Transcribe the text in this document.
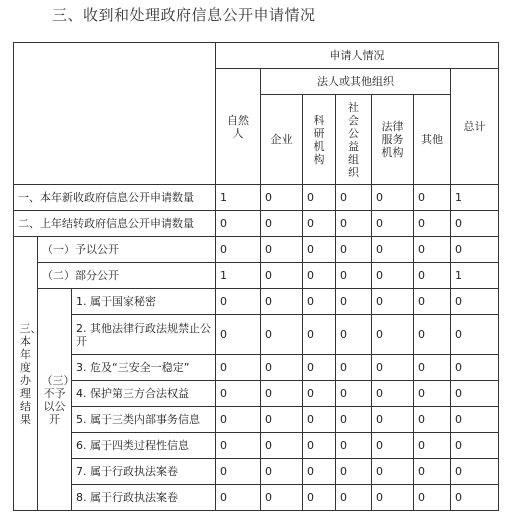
三、收到和处理政府信息公开申请情况
			申请人情况						
			自然人	法人或其他组织					总计
				企业	科研机构	社会公益组织	法律服务机构	其他	
一、本年新收政府信息公开申请数量			1	0	0	0	0	0	1
二、上年结转政府信息公开申请数量			0	0	0	0	0	0	0
三、本年度办理结果	（一）予以公开		0	0	0	0	0	0	0
	（二）部分公开		1	0	0	0	0	0	1
	（三）不予以公开	1. 属于国家秘密	0	0	0	0	0	0	0
		2. 其他法律行政法规禁止公开	0	0	0	0	0	0	0
		3. 危及“三安全一稳定”	0	0	0	0	0	0	0
		4. 保护第三方合法权益	0	0	0	0	0	0	0
		5. 属于三类内部事务信息	0	0	0	0	0	0	0
		6. 属于四类过程性信息	0	0	0	0	0	0	0
		7. 属于行政执法案卷	0	0	0	0	0	0	0
		8. 属于行政执法案卷	0	0	0	0	0	0	0
